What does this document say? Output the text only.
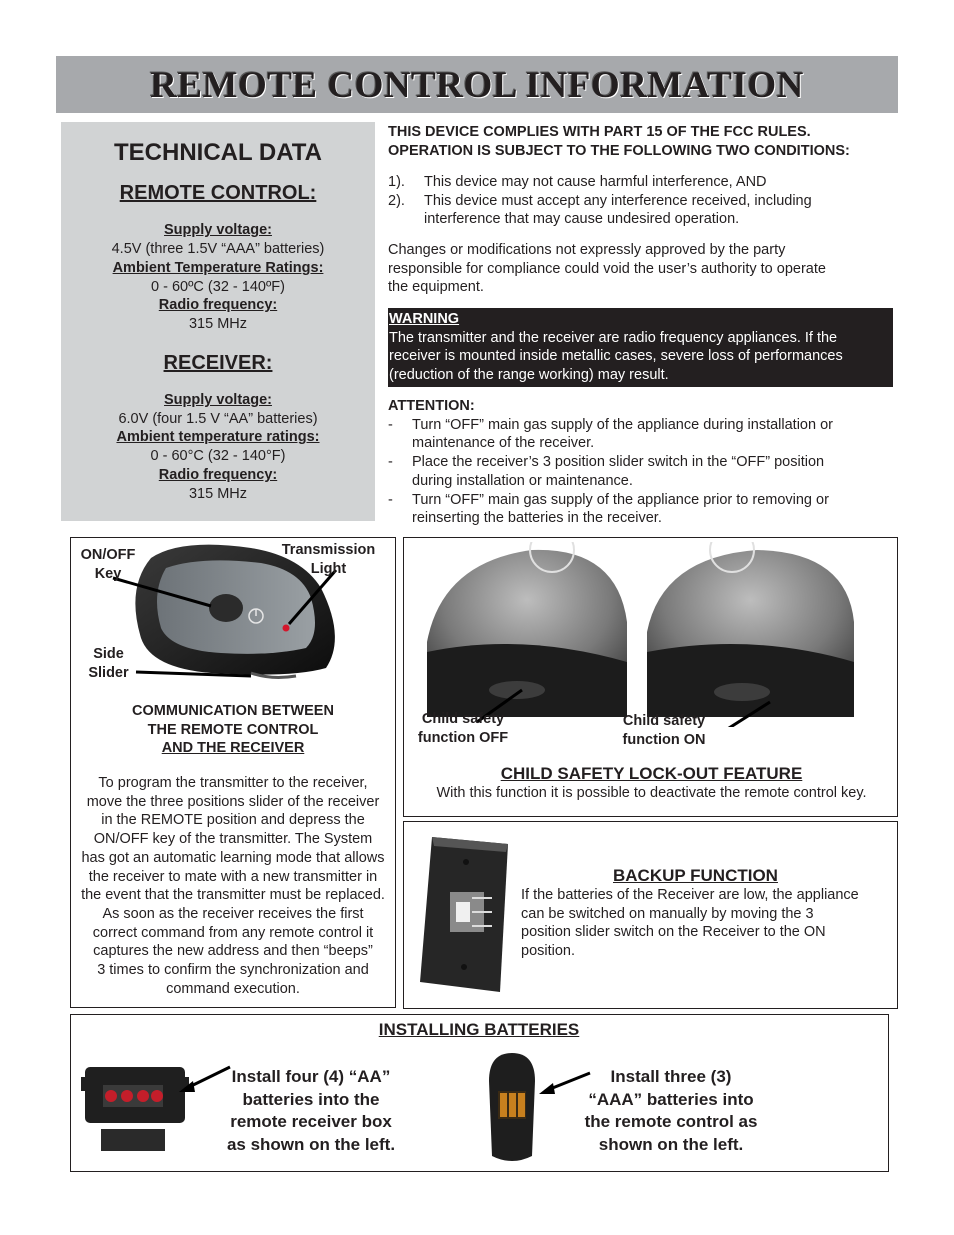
REMOTE CONTROL INFORMATION
TECHNICAL DATA
REMOTE CONTROL:
Supply voltage:
4.5V (three 1.5V “AAA” batteries)
Ambient Temperature Ratings:
0 - 60ºC (32 - 140ºF)
Radio frequency:
315 MHz
RECEIVER:
Supply voltage:
6.0V (four 1.5 V “AA” batteries)
Ambient temperature ratings:
0 - 60°C (32 - 140°F)
Radio frequency:
315 MHz
THIS DEVICE COMPLIES WITH PART 15 OF THE FCC RULES.
OPERATION IS SUBJECT TO THE FOLLOWING TWO CONDITIONS:
1). This device may not cause harmful interference, AND
2). This device must accept any interference received, including
interference that may cause undesired operation.
Changes or modifications not expressly approved by the party
responsible for compliance could void the user’s authority to operate
the equipment.
WARNING
The transmitter and the receiver are radio frequency appliances. If the
receiver is mounted inside metallic cases, severe loss of performances
(reduction of the range working) may result.
ATTENTION:
- Turn “OFF” main gas supply of the appliance during installation or
maintenance of the receiver.
- Place the receiver’s 3 position slider switch in the “OFF” position
during installation or maintenance.
- Turn “OFF” main gas supply of the appliance prior to removing or
reinserting the batteries in the receiver.
ON/OFF
Key
Transmission
Light
Side
Slider
COMMUNICATION BETWEEN
THE REMOTE CONTROL
AND THE RECEIVER
To program the transmitter to the receiver,
move the three positions slider of the receiver
in the REMOTE position and depress the
ON/OFF key of the transmitter. The System
has got an automatic learning mode that allows
the receiver to mate with a new transmitter in
the event that the transmitter must be replaced.
As soon as the receiver receives the first
correct command from any remote control it
captures the new address and then “beeps”
3 times to confirm the synchronization and
command execution.
Child safety
function OFF
Child safety
function ON
CHILD SAFETY LOCK-OUT FEATURE
With this function it is possible to deactivate the remote control key.
BACKUP FUNCTION
If the batteries of the Receiver are low, the appliance
can be switched on manually by moving the 3
position slider switch on the Receiver to the ON
position.
INSTALLING BATTERIES
Install four (4) “AA”
batteries into the
remote receiver box
as shown on the left.
Install three (3)
“AAA” batteries into
the remote control as
shown on the left.
